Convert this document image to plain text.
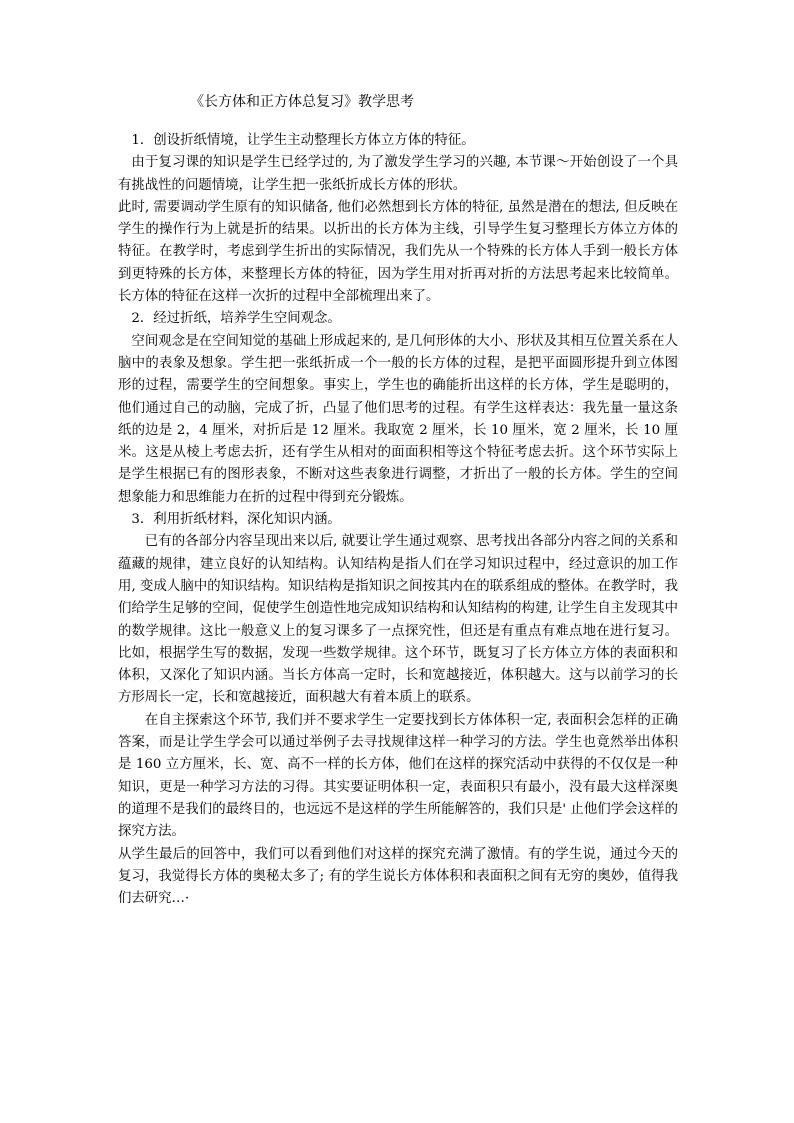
《长方体和正方体总复习》教学思考

1．创设折纸情境，让学生主动整理长方体立方体的特征。

由于复习课的知识是学生已经学过的, 为了激发学生学习的兴趣, 本节课～开始创设了一个具有挑战性的问题情境，让学生把一张纸折成长方体的形状。

此时, 需要调动学生原有的知识储备, 他们必然想到长方体的特征, 虽然是潜在的想法, 但反映在学生的操作行为上就是折的结果。以折出的长方体为主线，引导学生复习整理长方体立方体的特征。在教学时，考虑到学生折出的实际情况，我们先从一个特殊的长方体人手到一般长方体到更特殊的长方体，来整理长方体的特征，因为学生用对折再对折的方法思考起来比较简单。长方体的特征在这样一次折的过程中全部梳理出来了。

2．经过折纸，培养学生空间观念。

空间观念是在空间知觉的基础上形成起来的, 是几何形体的大小、形状及其相互位置关系在人脑中的表象及想象。学生把一张纸折成一个一般的长方体的过程，是把平面圆形提升到立体图形的过程，需要学生的空间想象。事实上，学生也的确能折出这样的长方体，学生是聪明的，他们通过自己的动脑，完成了折，凸显了他们思考的过程。有学生这样表达：我先量一量这条纸的边是 2，4 厘米，对折后是 12 厘米。我取宽 2 厘米，长 10 厘米，宽 2 厘米，长 10 厘米。这是从棱上考虑去折，还有学生从相对的面面积相等这个特征考虑去折。这个环节实际上是学生根据已有的图形表象，不断对这些表象进行调整，才折出了一般的长方体。学生的空间想象能力和思维能力在折的过程中得到充分锻炼。

3．利用折纸材料，深化知识内涵。

已有的各部分内容呈现出来以后, 就要让学生通过观察、思考找出各部分内容之间的关系和蕴藏的规律，建立良好的认知结构。认知结构是指人们在学习知识过程中，经过意识的加工作用, 变成人脑中的知识结构。知识结构是指知识之间按其内在的联系组成的整体。在教学时，我们给学生足够的空间，促使学生创造性地完成知识结构和认知结构的构建, 让学生自主发现其中的数学规律。这比一般意义上的复习课多了一点探究性，但还是有重点有难点地在进行复习。比如，根据学生写的数据，发现一些数学规律。这个环节，既复习了长方体立方体的表面积和体积，又深化了知识内涵。当长方体高一定时，长和宽越接近，体积越大。这与以前学习的长方形周长一定，长和宽越接近，面积越大有着本质上的联系。

在自主探索这个环节, 我们并不要求学生一定要找到长方体体积一定, 表面积会怎样的正确答案，而是让学生学会可以通过举例子去寻找规律这样一种学习的方法。学生也竟然举出体积是 160 立方厘米，长、宽、高不一样的长方体，他们在这样的探究活动中获得的不仅仅是一种知识，更是一种学习方法的习得。其实要证明体积一定，表面积只有最小，没有最大这样深奥的道理不是我们的最终目的，也远远不是这样的学生所能解答的，我们只是' 止他们学会这样的探究方法。

从学生最后的回答中，我们可以看到他们对这样的探究充满了激情。有的学生说，通过今天的复习，我觉得长方体的奥秘太多了; 有的学生说长方体体积和表面积之间有无穷的奥妙，值得我们去研究…·
